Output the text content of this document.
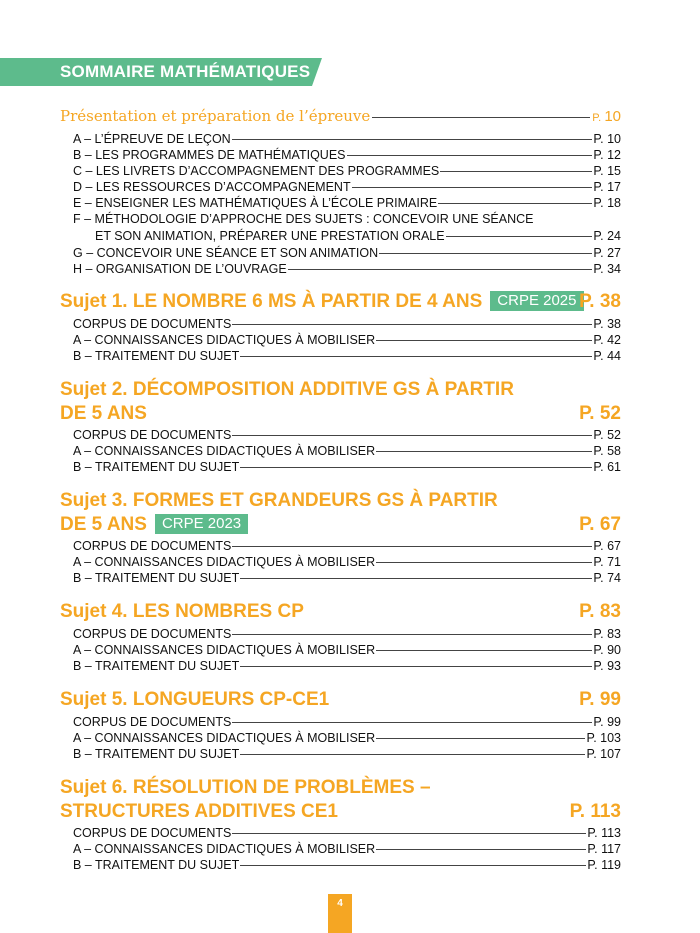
SOMMAIRE MATHÉMATIQUES
Présentation et préparation de l’épreuve	P. 10
A – L’ÉPREUVE DE LEÇON	P. 10
B – LES PROGRAMMES DE MATHÉMATIQUES	P. 12
C – LES LIVRETS D’ACCOMPAGNEMENT DES PROGRAMMES	P. 15
D – LES RESSOURCES D’ACCOMPAGNEMENT	P. 17
E – ENSEIGNER LES MATHÉMATIQUES À L’ÉCOLE PRIMAIRE	P. 18
F – MÉTHODOLOGIE D’APPROCHE DES SUJETS : CONCEVOIR UNE SÉANCE
ET SON ANIMATION, PRÉPARER UNE PRESTATION ORALE	P. 24
G – CONCEVOIR UNE SÉANCE ET SON ANIMATION	P. 27
H – ORGANISATION DE L’OUVRAGE	P. 34
Sujet 1. LE NOMBRE 6 MS À PARTIR DE 4 ANS CRPE 2025 P. 38
CORPUS DE DOCUMENTS	P. 38
A – CONNAISSANCES DIDACTIQUES À MOBILISER	P. 42
B – TRAITEMENT DU SUJET	P. 44
Sujet 2. DÉCOMPOSITION ADDITIVE GS À PARTIR
DE 5 ANS	P. 52
CORPUS DE DOCUMENTS	P. 52
A – CONNAISSANCES DIDACTIQUES À MOBILISER	P. 58
B – TRAITEMENT DU SUJET	P. 61
Sujet 3. FORMES ET GRANDEURS GS À PARTIR
DE 5 ANS CRPE 2023	P. 67
CORPUS DE DOCUMENTS	P. 67
A – CONNAISSANCES DIDACTIQUES À MOBILISER	P. 71
B – TRAITEMENT DU SUJET	P. 74
Sujet 4. LES NOMBRES CP	P. 83
CORPUS DE DOCUMENTS	P. 83
A – CONNAISSANCES DIDACTIQUES À MOBILISER	P. 90
B – TRAITEMENT DU SUJET	P. 93
Sujet 5. LONGUEURS CP-CE1	P. 99
CORPUS DE DOCUMENTS	P. 99
A – CONNAISSANCES DIDACTIQUES À MOBILISER	P. 103
B – TRAITEMENT DU SUJET	P. 107
Sujet 6. RÉSOLUTION DE PROBLÈMES –
STRUCTURES ADDITIVES CE1	P. 113
CORPUS DE DOCUMENTS	P. 113
A – CONNAISSANCES DIDACTIQUES À MOBILISER	P. 117
B – TRAITEMENT DU SUJET	P. 119
4
